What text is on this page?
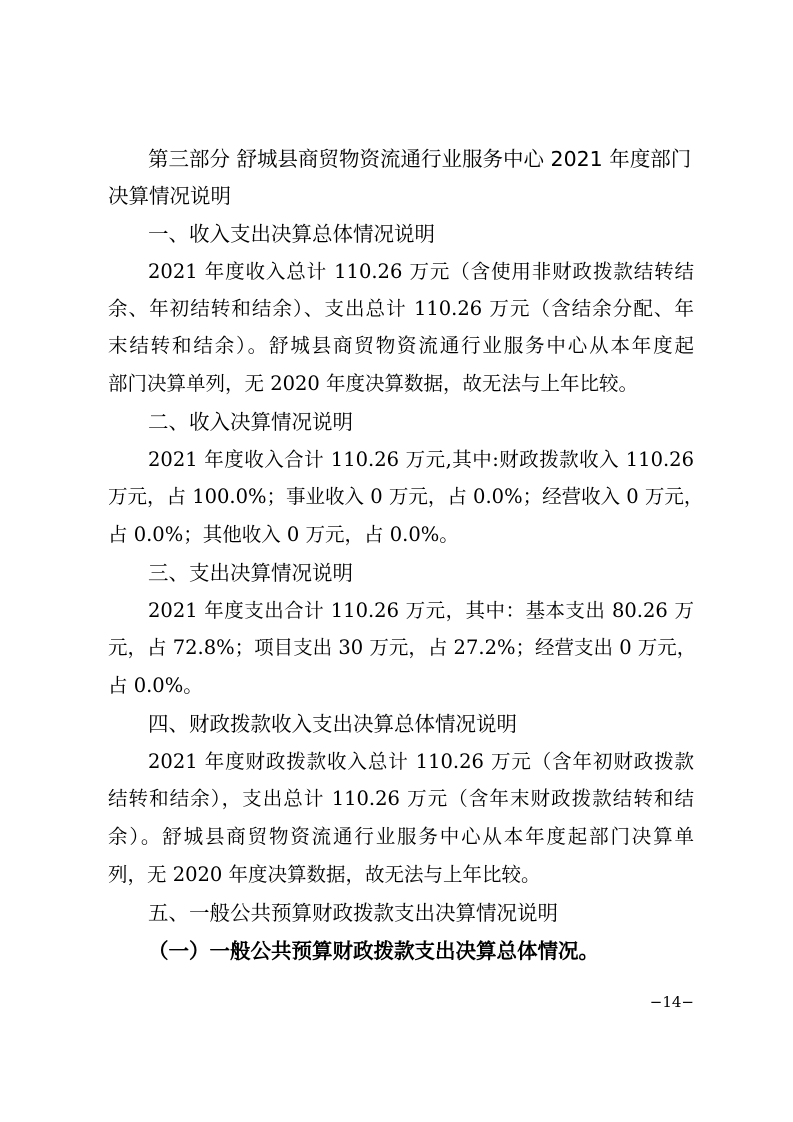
第三部分 舒城县商贸物资流通行业服务中心 2021 年度部门
决算情况说明
一、收入支出决算总体情况说明
2021 年度收入总计 110.26 万元（含使用非财政拨款结转结
余、年初结转和结余）、支出总计 110.26 万元（含结余分配、年
末结转和结余）。舒城县商贸物资流通行业服务中心从本年度起
部门决算单列，无 2020 年度决算数据，故无法与上年比较。
二、收入决算情况说明
2021 年度收入合计 110.26 万元,其中:财政拨款收入 110.26
万元，占 100.0%；事业收入 0 万元，占 0.0%；经营收入 0 万元，
占 0.0%；其他收入 0 万元，占 0.0%。
三、支出决算情况说明
2021 年度支出合计 110.26 万元，其中：基本支出 80.26 万
元，占 72.8%；项目支出 30 万元，占 27.2%；经营支出 0 万元，
占 0.0%。
四、财政拨款收入支出决算总体情况说明
2021 年度财政拨款收入总计 110.26 万元（含年初财政拨款
结转和结余），支出总计 110.26 万元（含年末财政拨款结转和结
余）。舒城县商贸物资流通行业服务中心从本年度起部门决算单
列，无 2020 年度决算数据，故无法与上年比较。
五、一般公共预算财政拨款支出决算情况说明
（一）一般公共预算财政拨款支出决算总体情况。
−14−
